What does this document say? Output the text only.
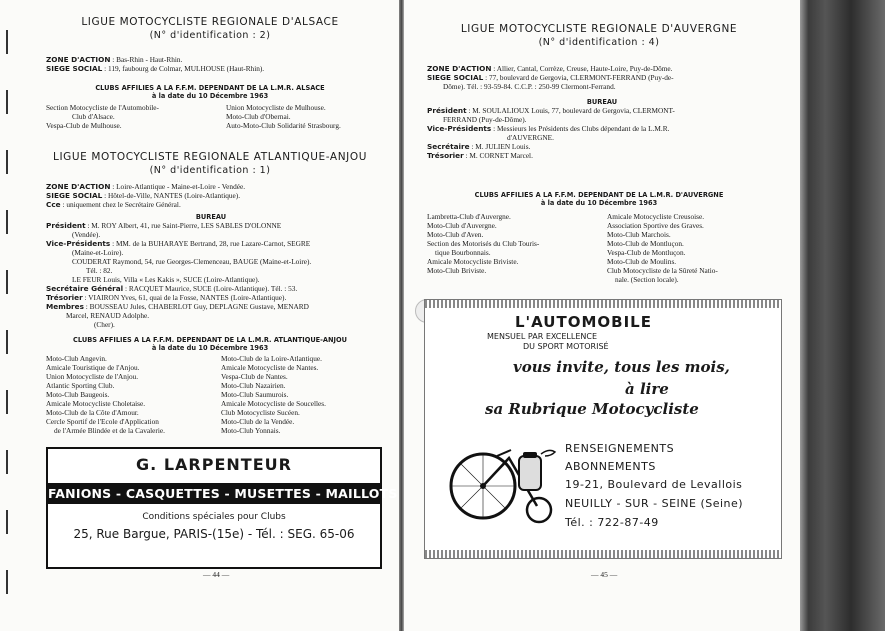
LIGUE MOTOCYCLISTE REGIONALE D'ALSACE

(N° d'identification : 2)

ZONE D'ACTION : Bas-Rhin - Haut-Rhin.
SIEGE SOCIAL : 119, faubourg de Colmar, MULHOUSE (Haut-Rhin).
CLUBS AFFILIES A LA F.F.M. DEPENDANT DE LA L.M.R. ALSACE
à la date du 10 Décembre 1963
Section Motocycliste de l'Automobile-
Club d'Alsace.
Vespa-Club de Mulhouse.
Union Motocycliste de Mulhouse.
Moto-Club d'Obernai.
Auto-Moto-Club Solidarité Strasbourg.

LIGUE MOTOCYCLISTE REGIONALE ATLANTIQUE-ANJOU

(N° d'identification : 1)

ZONE D'ACTION : Loire-Atlantique - Maine-et-Loire - Vendée.
SIEGE SOCIAL : Hôtel-de-Ville, NANTES (Loire-Atlantique).
Cce : uniquement chez le Secrétaire Général.
BUREAU
Président : M. ROY Albert, 41, rue Saint-Pierre, LES SABLES D'OLONNE
(Vendée).
Vice-Présidents : MM. de la BUHARAYE Bertrand, 28, rue Lazare-Carnot, SEGRE
(Maine-et-Loire).
COUDERAT Raymond, 54, rue Georges-Clemenceau, BAUGE (Maine-et-Loire).
Tél. : 82.
LE FEUR Louis, Villa « Les Kakis », SUCE (Loire-Atlantique).
Secrétaire Général : RACQUET Maurice, SUCE (Loire-Atlantique). Tél. : 53.
Trésorier : VIAIRON Yves, 61, quai de la Fosse, NANTES (Loire-Atlantique).
Membres : BOUSSEAU Jules, CHABERLOT Guy, DEPLAGNE Gustave, MENARD
Marcel, RENAUD Adolphe.
(Cher).
CLUBS AFFILIES A LA F.F.M. DEPENDANT DE LA L.M.R. ATLANTIQUE-ANJOU
à la date du 10 Décembre 1963
Moto-Club Angevin.
Amicale Touristique de l'Anjou.
Union Motocycliste de l'Anjou.
Atlantic Sporting Club.
Moto-Club Baugeois.
Amicale Motocycliste Choletaise.
Moto-Club de la Côte d'Amour.
Cercle Sportif de l'Ecole d'Application
de l'Armée Blindée et de la Cavalerie.
Moto-Club de la Loire-Atlantique.
Amicale Motocycliste de Nantes.
Vespa-Club de Nantes.
Moto-Club Nazairien.
Moto-Club Saumurois.
Amicale Motocycliste de Soucelles.
Club Motocycliste Sucéen.
Moto-Club de la Vendée.
Moto-Club Yonnais.
— 44 —
G. LARPENTEUR
FANIONS - CASQUETTES - MUSETTES - MAILLOTS
Conditions spéciales pour Clubs
25, Rue Bargue, PARIS-(15e) - Tél. : SEG. 65-06

LIGUE MOTOCYCLISTE REGIONALE D'AUVERGNE

(N° d'identification : 4)

ZONE D'ACTION : Allier, Cantal, Corrèze, Creuse, Haute-Loire, Puy-de-Dôme.
SIEGE SOCIAL : 77, boulevard de Gergovia, CLERMONT-FERRAND (Puy-de-
Dôme). Tél. : 93-59-84. C.C.P. : 250-99 Clermont-Ferrand.
BUREAU
Président : M. SOULALIOUX Louis, 77, boulevard de Gergovia, CLERMONT-
FERRAND (Puy-de-Dôme).
Vice-Présidents : Messieurs les Présidents des Clubs dépendant de la L.M.R.
d'AUVERGNE.
Secrétaire : M. JULIEN Louis.
Trésorier : M. CORNET Marcel.
CLUBS AFFILIES A LA F.F.M. DEPENDANT DE LA L.M.R. D'AUVERGNE
à la date du 10 Décembre 1963
Lambretta-Club d'Auvergne.
Moto-Club d'Auvergne.
Moto-Club d'Aven.
Section des Motorisés du Club Touris-
tique Bourbonnais.
Amicale Motocycliste Briviste.
Moto-Club Briviste.
Amicale Motocycliste Creusoise.
Association Sportive des Graves.
Moto-Club Marchois.
Moto-Club de Montluçon.
Vespa-Club de Montluçon.
Moto-Club de Moulins.
Club Motocycliste de la Sûreté Natio-
nale. (Section locale).
— 45 —
L'AUTOMOBILE
MENSUEL PAR EXCELLENCE
DU SPORT MOTORISÉ
vous invite, tous les mois,
à lire
sa Rubrique Motocycliste
RENSEIGNEMENTS
ABONNEMENTS
19-21, Boulevard de Levallois
NEUILLY - SUR - SEINE (Seine)
Tél. : 722-87-49
